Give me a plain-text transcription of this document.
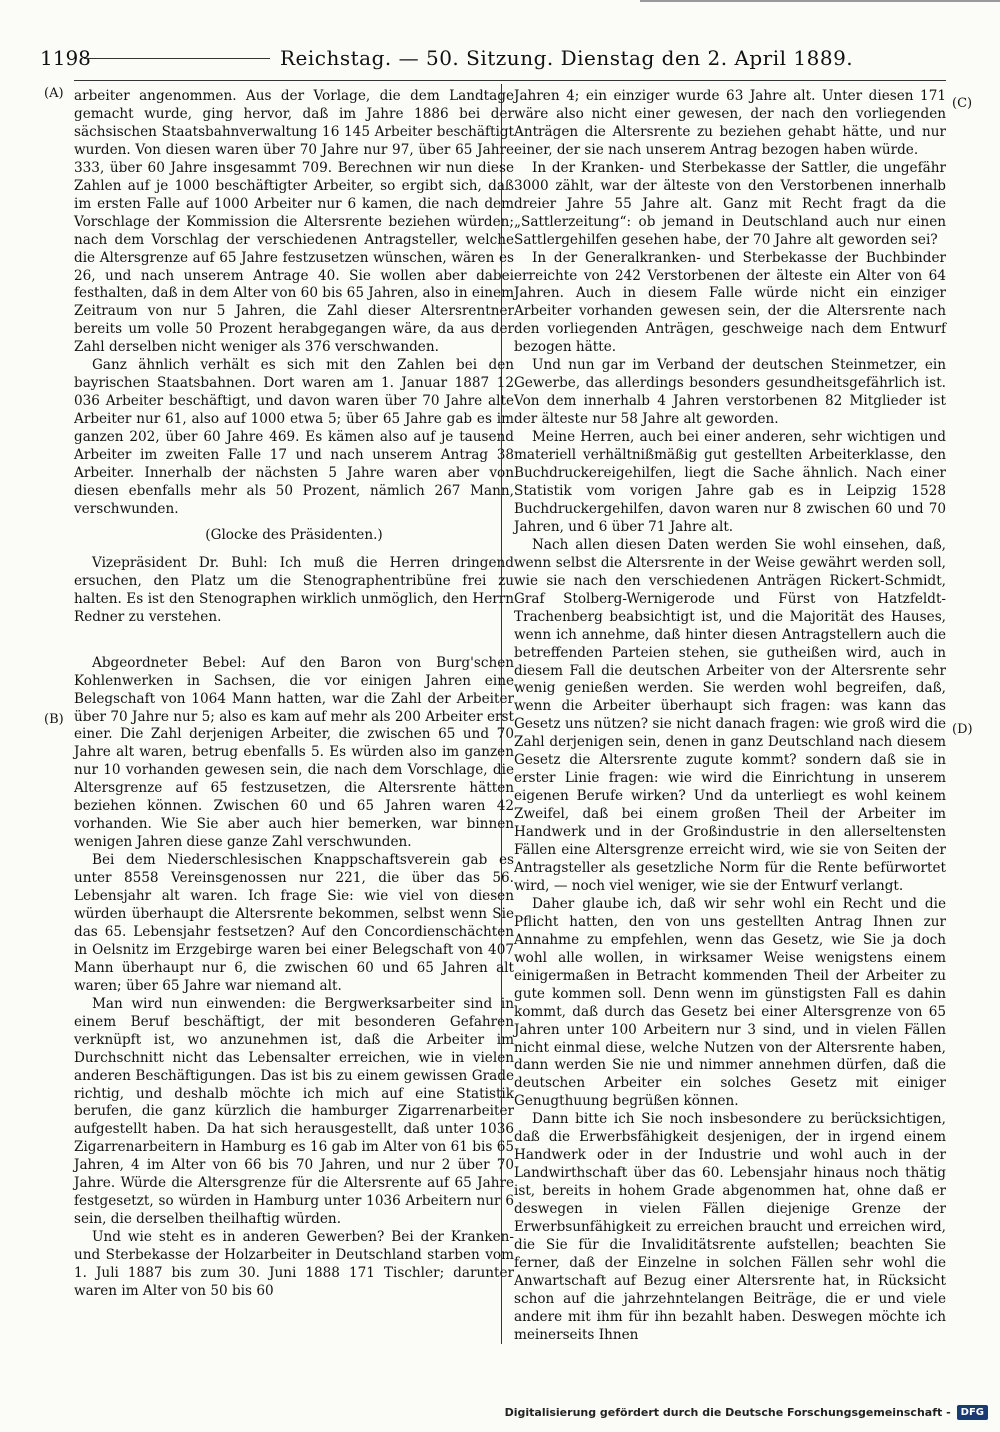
1198	Reichstag. — 50. Sitzung. Dienstag den 2. April 1889.
(A)
(B)
(C)
(D)

arbeiter angenommen. Aus der Vorlage, die dem Landtage gemacht wurde, ging hervor, daß im Jahre 1886 bei der sächsischen Staatsbahnverwaltung 16 145 Arbeiter beschäftigt wurden. Von diesen waren über 70 Jahre nur 97, über 65 Jahre 333, über 60 Jahre insgesammt 709. Berechnen wir nun diese Zahlen auf je 1000 beschäftigter Arbeiter, so ergibt sich, daß im ersten Falle auf 1000 Arbeiter nur 6 kamen, die nach dem Vorschlage der Kommission die Altersrente beziehen würden; nach dem Vorschlag der verschiedenen Antragsteller, welche die Altersgrenze auf 65 Jahre festzusetzen wünschen, wären es 26, und nach unserem Antrage 40. Sie wollen aber dabei festhalten, daß in dem Alter von 60 bis 65 Jahren, also in einem Zeitraum von nur 5 Jahren, die Zahl dieser Altersrentner bereits um volle 50 Prozent herabgegangen wäre, da aus der Zahl derselben nicht weniger als 376 verschwanden.

Ganz ähnlich verhält es sich mit den Zahlen bei den bayrischen Staatsbahnen. Dort waren am 1. Januar 1887 12 036 Arbeiter beschäftigt, und davon waren über 70 Jahre alte Arbeiter nur 61, also auf 1000 etwa 5; über 65 Jahre gab es im ganzen 202, über 60 Jahre 469. Es kämen also auf je tausend Arbeiter im zweiten Falle 17 und nach unserem Antrag 38 Arbeiter. Innerhalb der nächsten 5 Jahre waren aber von diesen ebenfalls mehr als 50 Prozent, nämlich 267 Mann, verschwunden.

(Glocke des Präsidenten.)

Vizepräsident Dr. Buhl: Ich muß die Herren dringend ersuchen, den Platz um die Stenographentribüne frei zu halten. Es ist den Stenographen wirklich unmöglich, den Herrn Redner zu verstehen.

Abgeordneter Bebel: Auf den Baron von Burg'schen Kohlenwerken in Sachsen, die vor einigen Jahren eine Belegschaft von 1064 Mann hatten, war die Zahl der Arbeiter über 70 Jahre nur 5; also es kam auf mehr als 200 Arbeiter erst einer. Die Zahl derjenigen Arbeiter, die zwischen 65 und 70 Jahre alt waren, betrug ebenfalls 5. Es würden also im ganzen nur 10 vorhanden gewesen sein, die nach dem Vorschlage, die Altersgrenze auf 65 festzusetzen, die Altersrente hätten beziehen können. Zwischen 60 und 65 Jahren waren 42 vorhanden. Wie Sie aber auch hier bemerken, war binnen wenigen Jahren diese ganze Zahl verschwunden.

Bei dem Niederschlesischen Knappschaftsverein gab es unter 8558 Vereinsgenossen nur 221, die über das 56. Lebensjahr alt waren. Ich frage Sie: wie viel von diesen würden überhaupt die Altersrente bekommen, selbst wenn Sie das 65. Lebensjahr festsetzen? Auf den Concordienschächten in Oelsnitz im Erzgebirge waren bei einer Belegschaft von 407 Mann überhaupt nur 6, die zwischen 60 und 65 Jahren alt waren; über 65 Jahre war niemand alt.

Man wird nun einwenden: die Bergwerksarbeiter sind in einem Beruf beschäftigt, der mit besonderen Gefahren verknüpft ist, wo anzunehmen ist, daß die Arbeiter im Durchschnitt nicht das Lebensalter erreichen, wie in vielen anderen Beschäftigungen. Das ist bis zu einem gewissen Grade richtig, und deshalb möchte ich mich auf eine Statistik berufen, die ganz kürzlich die hamburger Zigarrenarbeiter aufgestellt haben. Da hat sich herausgestellt, daß unter 1036 Zigarrenarbeitern in Hamburg es 16 gab im Alter von 61 bis 65 Jahren, 4 im Alter von 66 bis 70 Jahren, und nur 2 über 70 Jahre. Würde die Altersgrenze für die Altersrente auf 65 Jahre festgesetzt, so würden in Hamburg unter 1036 Arbeitern nur 6 sein, die derselben theilhaftig würden.

Und wie steht es in anderen Gewerben? Bei der Kranken- und Sterbekasse der Holzarbeiter in Deutschland starben vom 1. Juli 1887 bis zum 30. Juni 1888 171 Tischler; darunter waren im Alter von 50 bis 60

Jahren 4; ein einziger wurde 63 Jahre alt. Unter diesen 171 wäre also nicht einer gewesen, der nach den vorliegenden Anträgen die Altersrente zu beziehen gehabt hätte, und nur einer, der sie nach unserem Antrag bezogen haben würde.

In der Kranken- und Sterbekasse der Sattler, die ungefähr 3000 zählt, war der älteste von den Verstorbenen innerhalb dreier Jahre 55 Jahre alt. Ganz mit Recht fragt da die „Sattlerzeitung“: ob jemand in Deutschland auch nur einen Sattlergehilfen gesehen habe, der 70 Jahre alt geworden sei?

In der Generalkranken- und Sterbekasse der Buchbinder erreichte von 242 Verstorbenen der älteste ein Alter von 64 Jahren. Auch in diesem Falle würde nicht ein einziger Arbeiter vorhanden gewesen sein, der die Altersrente nach den vorliegenden Anträgen, geschweige nach dem Entwurf bezogen hätte.

Und nun gar im Verband der deutschen Steinmetzer, ein Gewerbe, das allerdings besonders gesundheitsgefährlich ist. Von dem innerhalb 4 Jahren verstorbenen 82 Mitglieder ist der älteste nur 58 Jahre alt geworden.

Meine Herren, auch bei einer anderen, sehr wichtigen und materiell verhältnißmäßig gut gestellten Arbeiterklasse, den Buchdruckereigehilfen, liegt die Sache ähnlich. Nach einer Statistik vom vorigen Jahre gab es in Leipzig 1528 Buchdruckergehilfen, davon waren nur 8 zwischen 60 und 70 Jahren, und 6 über 71 Jahre alt.

Nach allen diesen Daten werden Sie wohl einsehen, daß, wenn selbst die Altersrente in der Weise gewährt werden soll, wie sie nach den verschiedenen Anträgen Rickert-Schmidt, Graf Stolberg-Wernigerode und Fürst von Hatzfeldt-Trachenberg beabsichtigt ist, und die Majorität des Hauses, wenn ich annehme, daß hinter diesen Antragstellern auch die betreffenden Parteien stehen, sie gutheißen wird, auch in diesem Fall die deutschen Arbeiter von der Altersrente sehr wenig genießen werden. Sie werden wohl begreifen, daß, wenn die Arbeiter überhaupt sich fragen: was kann das Gesetz uns nützen? sie nicht danach fragen: wie groß wird die Zahl derjenigen sein, denen in ganz Deutschland nach diesem Gesetz die Altersrente zugute kommt? sondern daß sie in erster Linie fragen: wie wird die Einrichtung in unserem eigenen Berufe wirken? Und da unterliegt es wohl keinem Zweifel, daß bei einem großen Theil der Arbeiter im Handwerk und in der Großindustrie in den allerseltensten Fällen eine Altersgrenze erreicht wird, wie sie von Seiten der Antragsteller als gesetzliche Norm für die Rente befürwortet wird, — noch viel weniger, wie sie der Entwurf verlangt.

Daher glaube ich, daß wir sehr wohl ein Recht und die Pflicht hatten, den von uns gestellten Antrag Ihnen zur Annahme zu empfehlen, wenn das Gesetz, wie Sie ja doch wohl alle wollen, in wirksamer Weise wenigstens einem einigermaßen in Betracht kommenden Theil der Arbeiter zu gute kommen soll. Denn wenn im günstigsten Fall es dahin kommt, daß durch das Gesetz bei einer Altersgrenze von 65 Jahren unter 100 Arbeitern nur 3 sind, und in vielen Fällen nicht einmal diese, welche Nutzen von der Altersrente haben, dann werden Sie nie und nimmer annehmen dürfen, daß die deutschen Arbeiter ein solches Gesetz mit einiger Genugthuung begrüßen können.

Dann bitte ich Sie noch insbesondere zu berücksichtigen, daß die Erwerbsfähigkeit desjenigen, der in irgend einem Handwerk oder in der Industrie und wohl auch in der Landwirthschaft über das 60. Lebensjahr hinaus noch thätig ist, bereits in hohem Grade abgenommen hat, ohne daß er deswegen in vielen Fällen diejenige Grenze der Erwerbsunfähigkeit zu erreichen braucht und erreichen wird, die Sie für die Invaliditätsrente aufstellen; beachten Sie ferner, daß der Einzelne in solchen Fällen sehr wohl die Anwartschaft auf Bezug einer Altersrente hat, in Rücksicht schon auf die jahrzehntelangen Beiträge, die er und viele andere mit ihm für ihn bezahlt haben. Deswegen möchte ich meinerseits Ihnen

Digitalisierung gefördert durch die Deutsche Forschungsgemeinschaft -	DFG
